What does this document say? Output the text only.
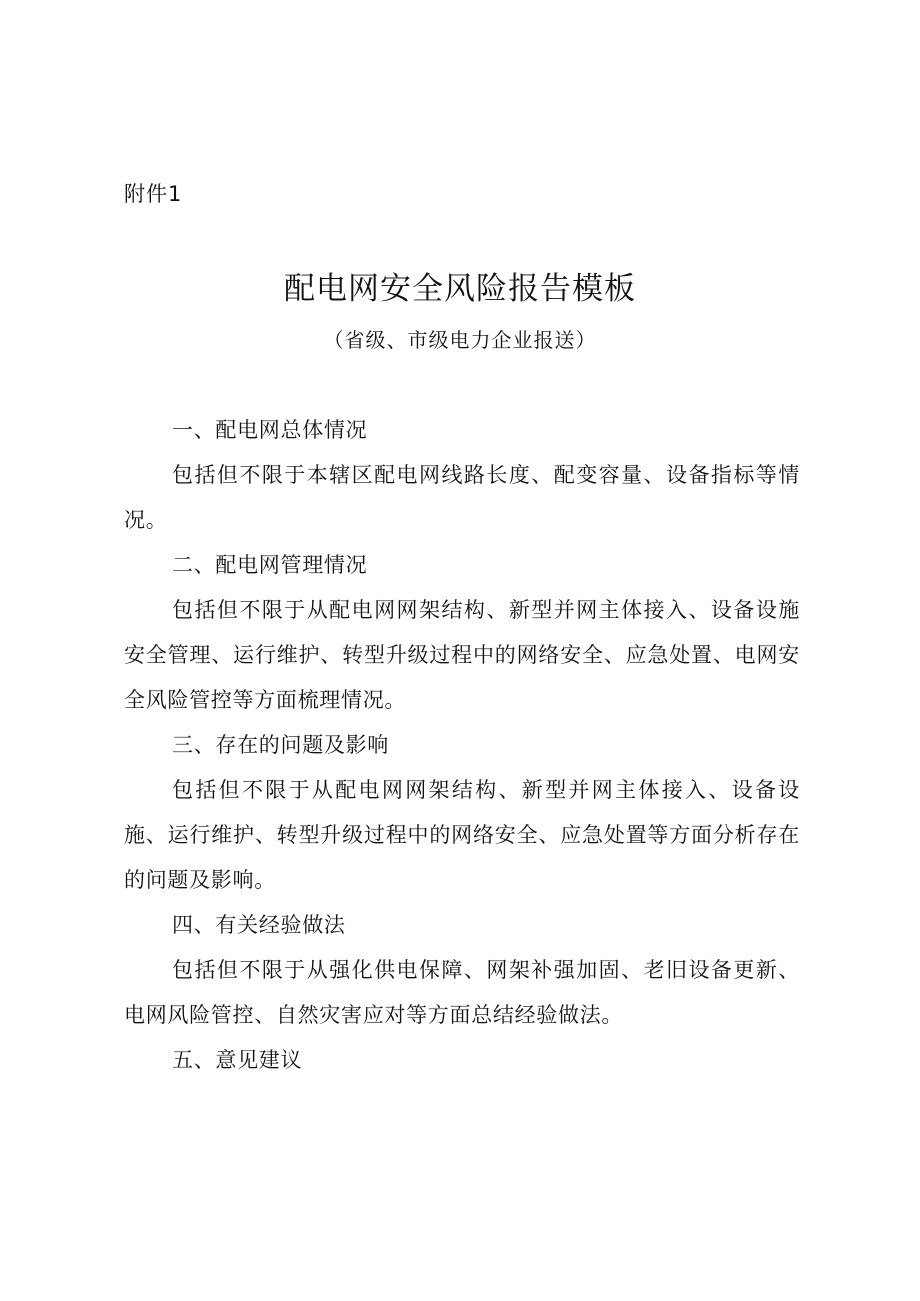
附件1
配电网安全风险报告模板
（省级、市级电力企业报送）

一、配电网总体情况

包括但不限于本辖区配电网线路长度、配变容量、设备指标等情况。

二、配电网管理情况

包括但不限于从配电网网架结构、新型并网主体接入、设备设施安全管理、运行维护、转型升级过程中的网络安全、应急处置、电网安全风险管控等方面梳理情况。

三、存在的问题及影响

包括但不限于从配电网网架结构、新型并网主体接入、设备设施、运行维护、转型升级过程中的网络安全、应急处置等方面分析存在的问题及影响。

四、有关经验做法

包括但不限于从强化供电保障、网架补强加固、老旧设备更新、电网风险管控、自然灾害应对等方面总结经验做法。

五、意见建议
